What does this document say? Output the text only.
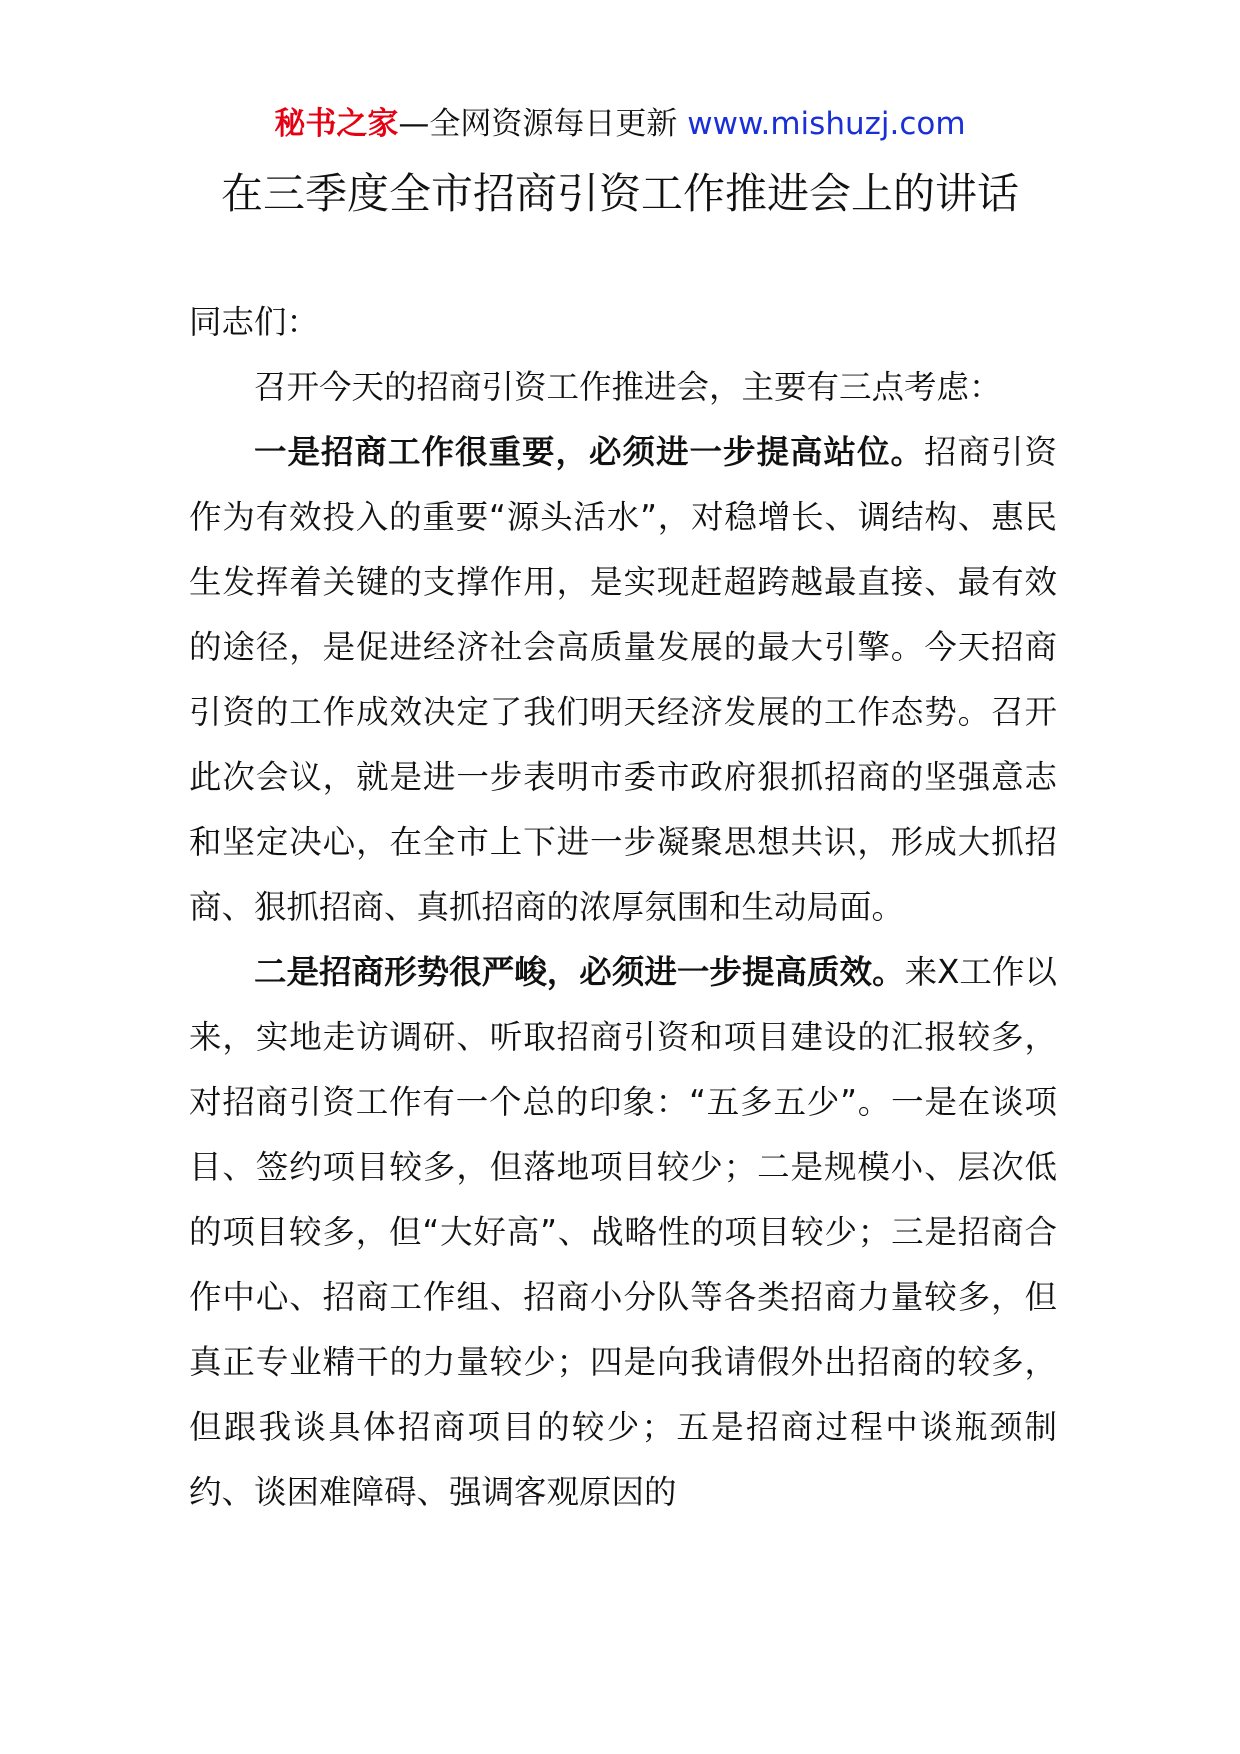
秘书之家—全网资源每日更新 www.mishuzj.com
在三季度全市招商引资工作推进会上的讲话

同志们：

召开今天的招商引资工作推进会，主要有三点考虑：

一是招商工作很重要，必须进一步提高站位。招商引资作为有效投入的重要“源头活水”，对稳增长、调结构、惠民生发挥着关键的支撑作用，是实现赶超跨越最直接、最有效的途径，是促进经济社会高质量发展的最大引擎。今天招商引资的工作成效决定了我们明天经济发展的工作态势。召开此次会议，就是进一步表明市委市政府狠抓招商的坚强意志和坚定决心，在全市上下进一步凝聚思想共识，形成大抓招商、狠抓招商、真抓招商的浓厚氛围和生动局面。

二是招商形势很严峻，必须进一步提高质效。来X工作以来，实地走访调研、听取招商引资和项目建设的汇报较多，对招商引资工作有一个总的印象：“五多五少”。一是在谈项目、签约项目较多，但落地项目较少；二是规模小、层次低的项目较多，但“大好高”、战略性的项目较少；三是招商合作中心、招商工作组、招商小分队等各类招商力量较多，但真正专业精干的力量较少；四是向我请假外出招商的较多，但跟我谈具体招商项目的较少；五是招商过程中谈瓶颈制约、谈困难障碍、强调客观原因的
